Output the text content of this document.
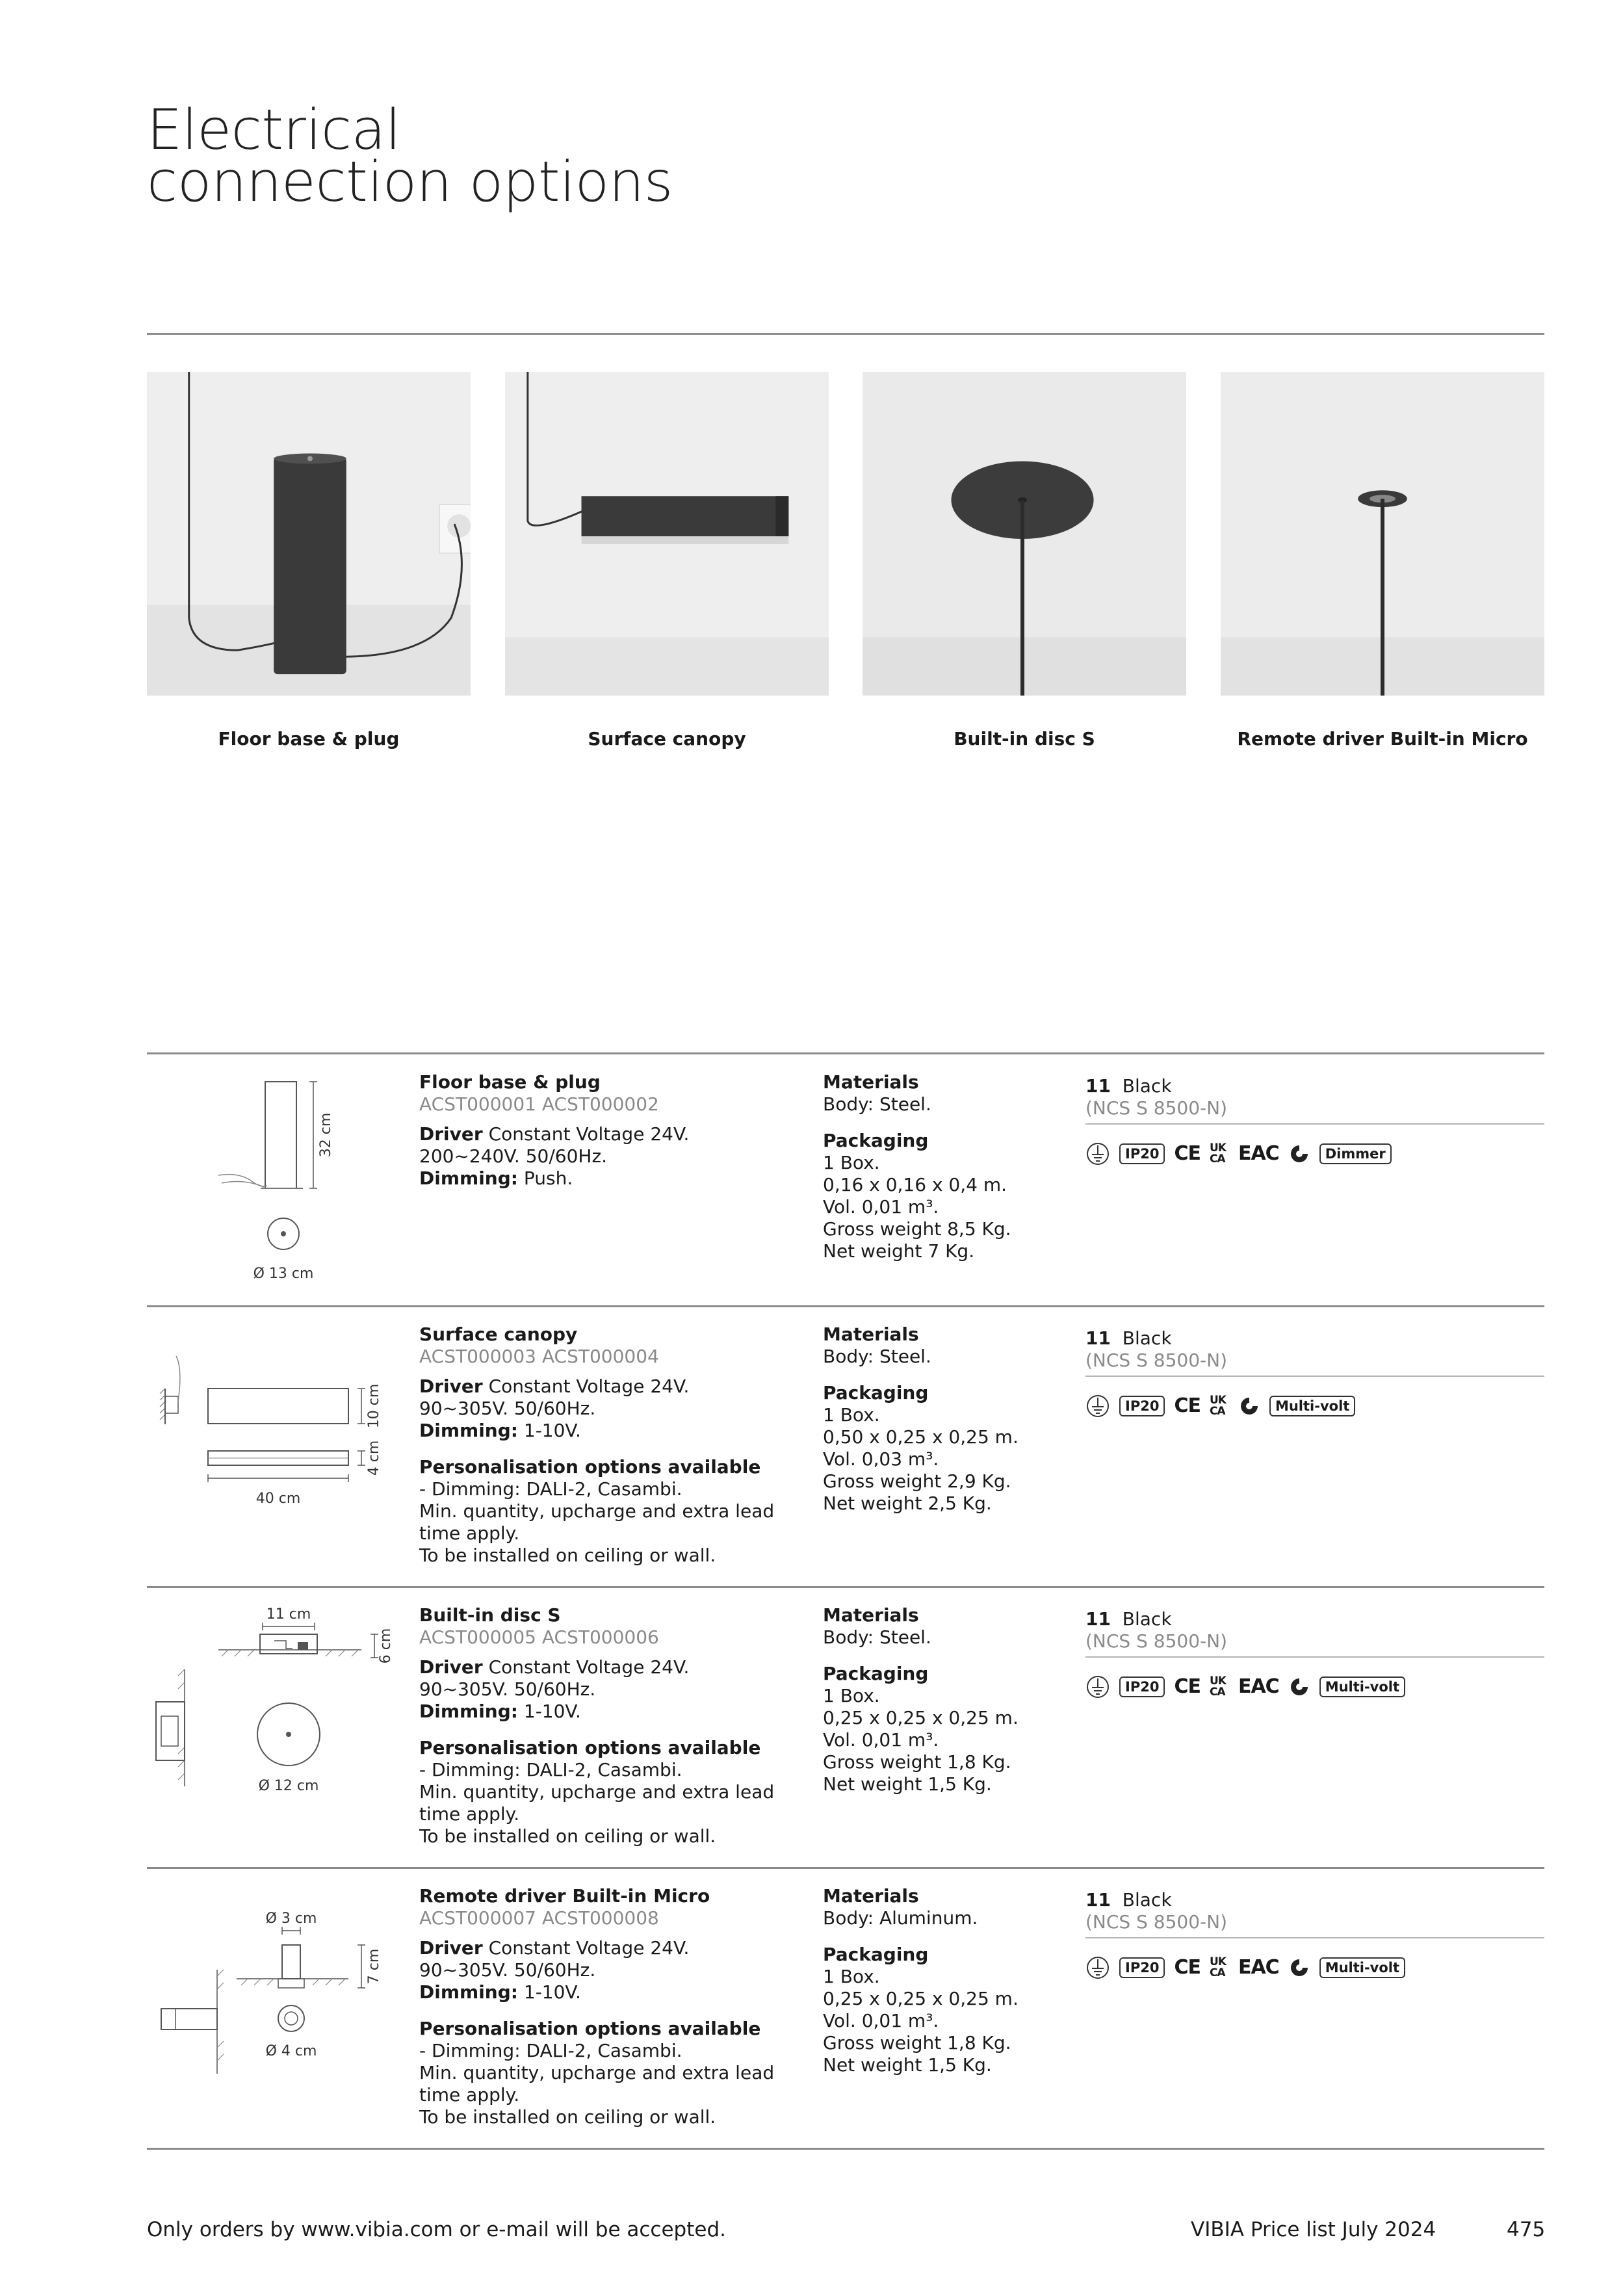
Electrical
connection options
Floor base & plug	Surface canopy	Built-in disc S	Remote driver Built-in Micro
32 cm
Ø 13 cm
Floor base & plug
ACST000001 ACST000002
Driver Constant Voltage 24V.
200~240V. 50/60Hz.
Dimming: Push.
Materials
Body: Steel.
Packaging
1 Box.
0,16 x 0,16 x 0,4 m.
Vol. 0,01 m³.
Gross weight 8,5 Kg.
Net weight 7 Kg.
11 Black
(NCS S 8500-N)
IP20 CE UK CA EAC	Dimmer
10 cm
4 cm
40 cm
Surface canopy
ACST000003 ACST000004
Driver Constant Voltage 24V.
90~305V. 50/60Hz.
Dimming: 1-10V.
Personalisation options available
- Dimming: DALI-2, Casambi.
Min. quantity, upcharge and extra lead
time apply.
To be installed on ceiling or wall.
Materials
Body: Steel.
Packaging
1 Box.
0,50 x 0,25 x 0,25 m.
Vol. 0,03 m³.
Gross weight 2,9 Kg.
Net weight 2,5 Kg.
11 Black
(NCS S 8500-N)
IP20 CE UK CA	Multi-volt
11 cm
6 cm
Ø 12 cm
Built-in disc S
ACST000005 ACST000006
Driver Constant Voltage 24V.
90~305V. 50/60Hz.
Dimming: 1-10V.
Personalisation options available
- Dimming: DALI-2, Casambi.
Min. quantity, upcharge and extra lead
time apply.
To be installed on ceiling or wall.
Materials
Body: Steel.
Packaging
1 Box.
0,25 x 0,25 x 0,25 m.
Vol. 0,01 m³.
Gross weight 1,8 Kg.
Net weight 1,5 Kg.
11 Black
(NCS S 8500-N)
IP20 CE UK CA EAC	Multi-volt
Ø 3 cm
7 cm
Ø 4 cm
Remote driver Built-in Micro
ACST000007 ACST000008
Driver Constant Voltage 24V.
90~305V. 50/60Hz.
Dimming: 1-10V.
Personalisation options available
- Dimming: DALI-2, Casambi.
Min. quantity, upcharge and extra lead
time apply.
To be installed on ceiling or wall.
Materials
Body: Aluminum.
Packaging
1 Box.
0,25 x 0,25 x 0,25 m.
Vol. 0,01 m³.
Gross weight 1,8 Kg.
Net weight 1,5 Kg.
11 Black
(NCS S 8500-N)
IP20 CE UK CA EAC	Multi-volt
Only orders by www.vibia.com or e-mail will be accepted.	VIBIA Price list July 2024	475
